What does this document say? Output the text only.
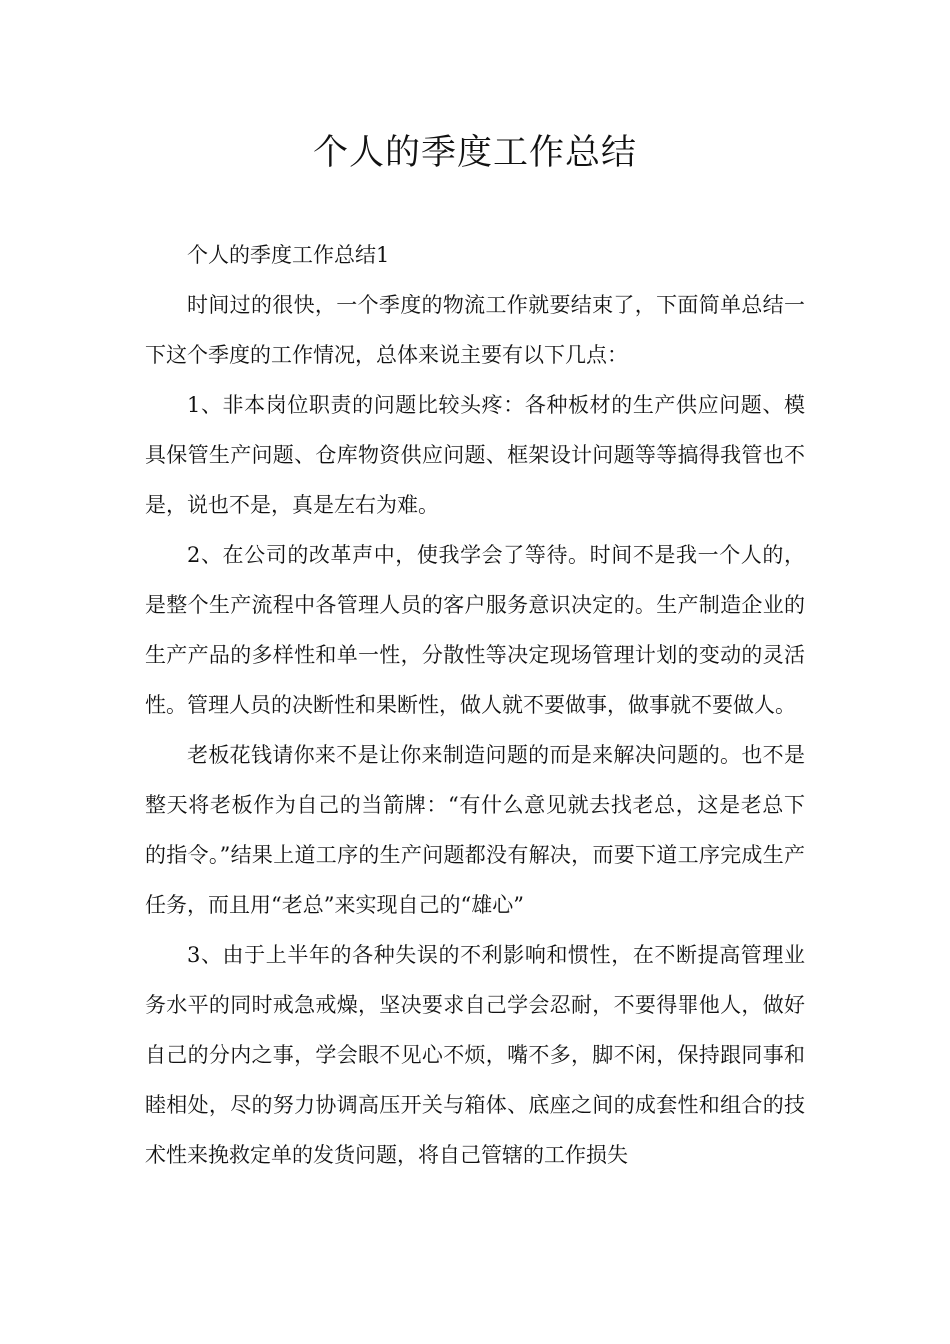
个人的季度工作总结

个人的季度工作总结1

时间过的很快，一个季度的物流工作就要结束了，下面简单总结一下这个季度的工作情况，总体来说主要有以下几点：

1、非本岗位职责的问题比较头疼：各种板材的生产供应问题、模具保管生产问题、仓库物资供应问题、框架设计问题等等搞得我管也不是，说也不是，真是左右为难。

2、在公司的改革声中，使我学会了等待。时间不是我一个人的，是整个生产流程中各管理人员的客户服务意识决定的。生产制造企业的生产产品的多样性和单一性，分散性等决定现场管理计划的变动的灵活性。管理人员的决断性和果断性，做人就不要做事，做事就不要做人。

老板花钱请你来不是让你来制造问题的而是来解决问题的。也不是整天将老板作为自己的当箭牌：“有什么意见就去找老总，这是老总下的指令。”结果上道工序的生产问题都没有解决，而要下道工序完成生产任务，而且用“老总”来实现自己的“雄心”

3、由于上半年的各种失误的不利影响和惯性，在不断提高管理业务水平的同时戒急戒燥，坚决要求自己学会忍耐，不要得罪他人，做好自己的分内之事，学会眼不见心不烦，嘴不多，脚不闲，保持跟同事和睦相处，尽的努力协调高压开关与箱体、底座之间的成套性和组合的技术性来挽救定单的发货问题，将自己管辖的工作损失
